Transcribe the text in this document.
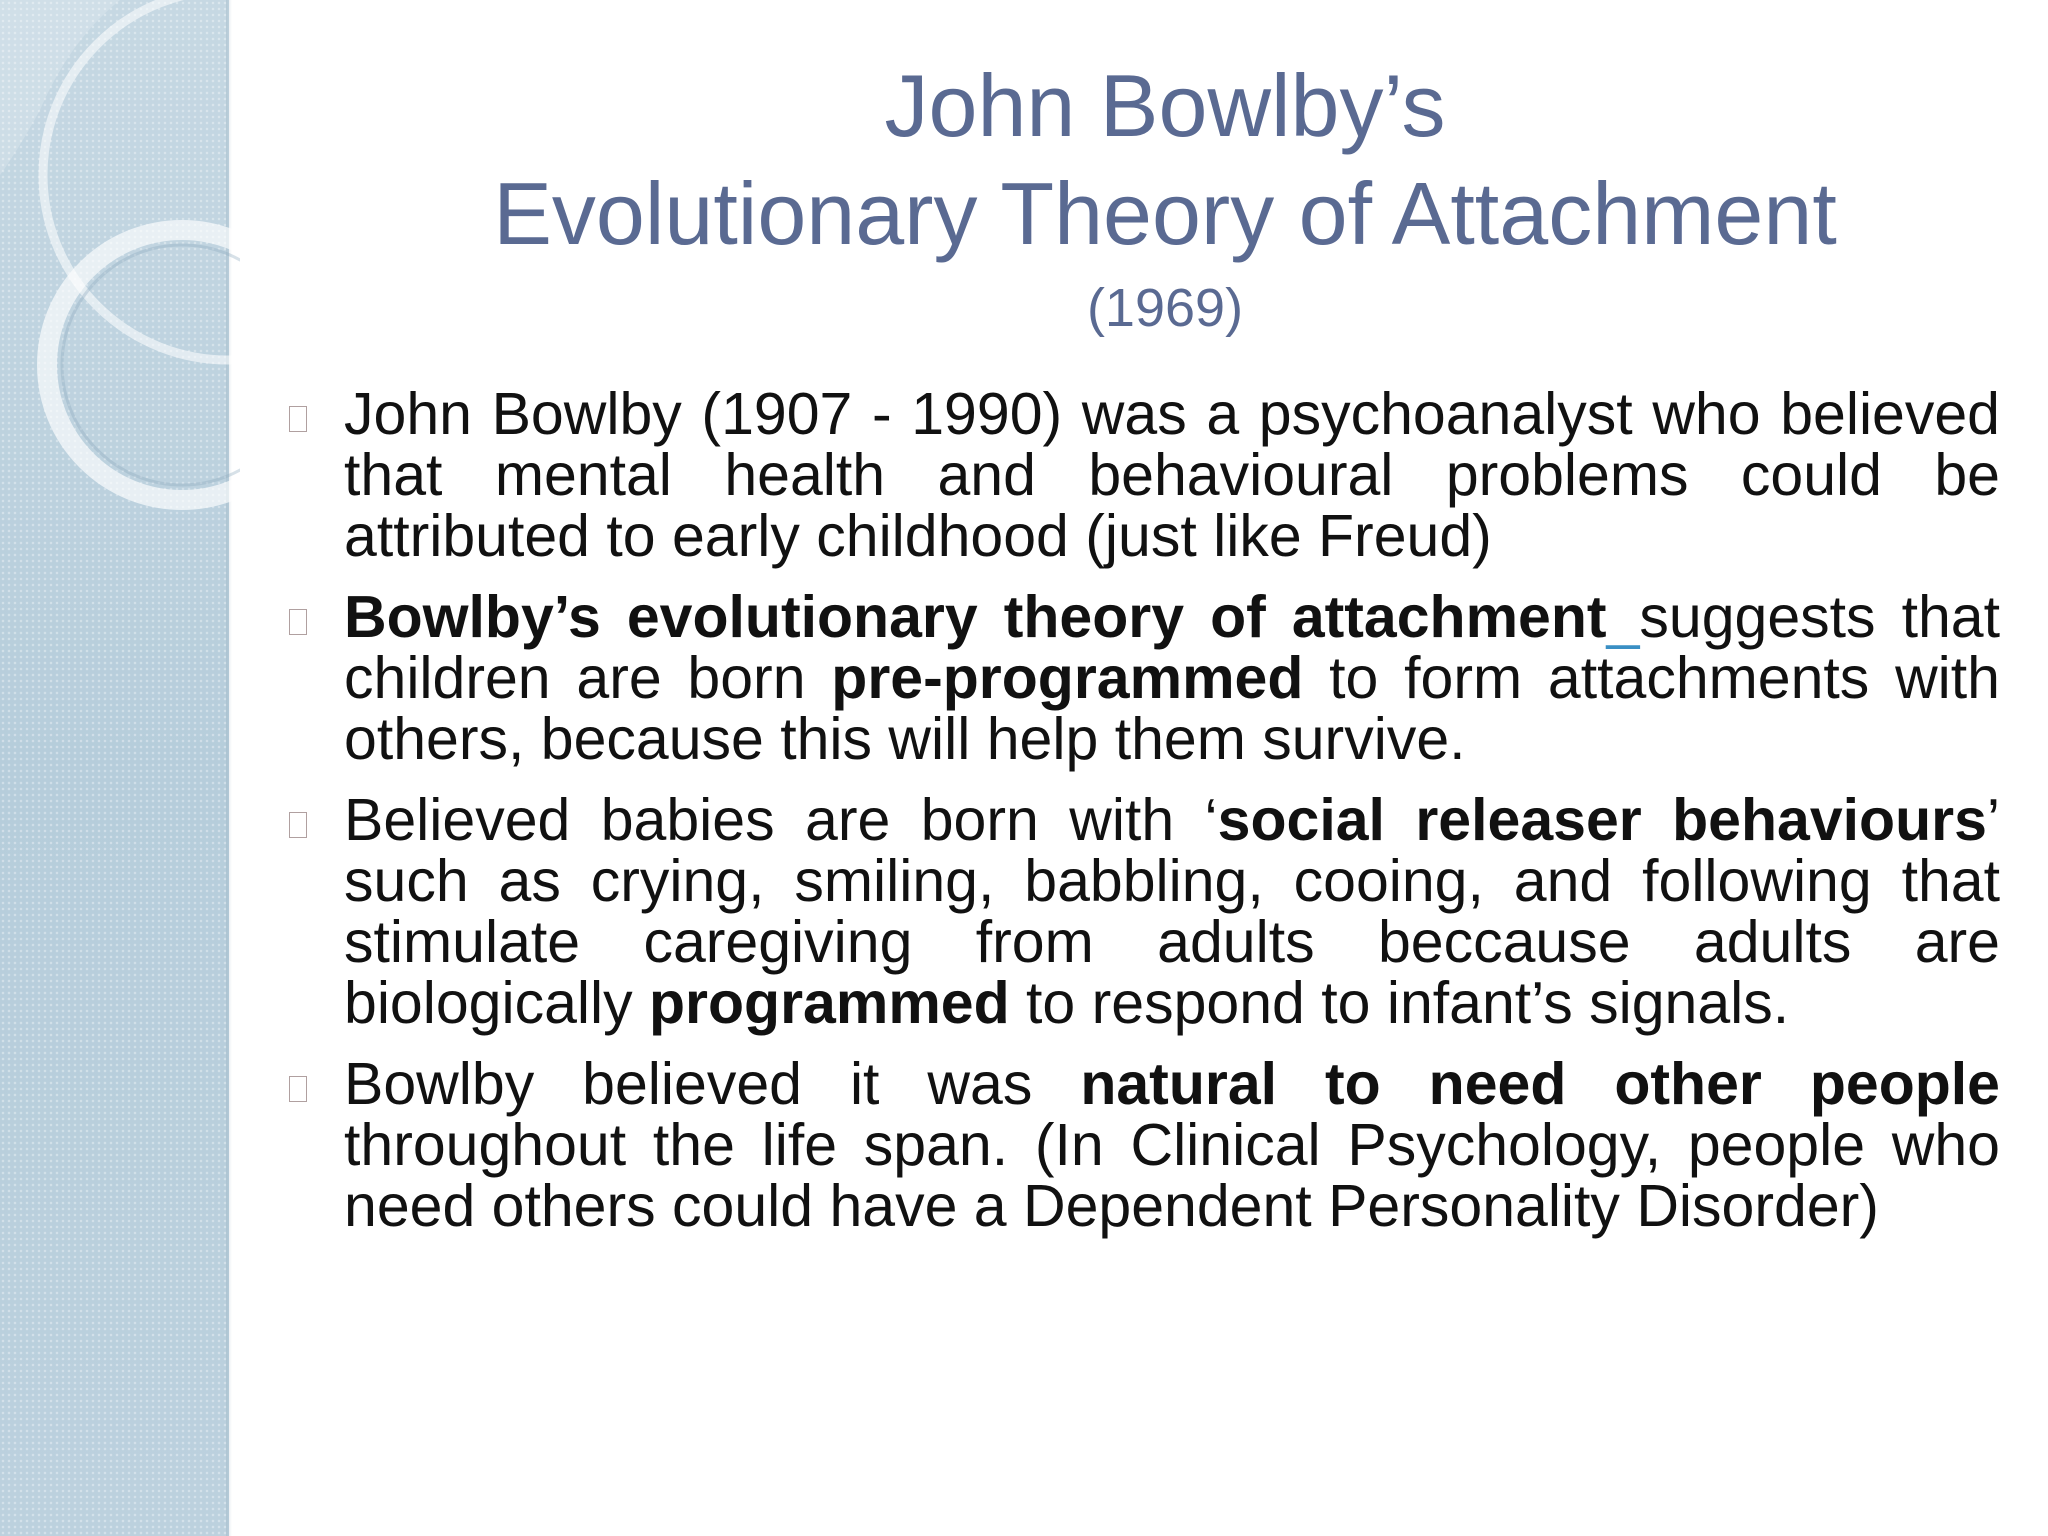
John Bowlby’s
Evolutionary Theory of Attachment
(1969)
John Bowlby (1907 - 1990) was a psychoanalyst who believed that mental health and behavioural problems could be attributed to early childhood (just like Freud)
Bowlby’s evolutionary theory of attachment_suggests that children are born pre-programmed to form attachments with others, because this will help them survive.
Believed babies are born with ‘social releaser behaviours’ such as crying, smiling, babbling, cooing, and following that stimulate caregiving from adults beccause adults are biologically programmed to respond to infant’s signals.
Bowlby believed it was natural to need other people throughout the life span. (In Clinical Psychology, people who need others could have a Dependent Personality Disorder)
